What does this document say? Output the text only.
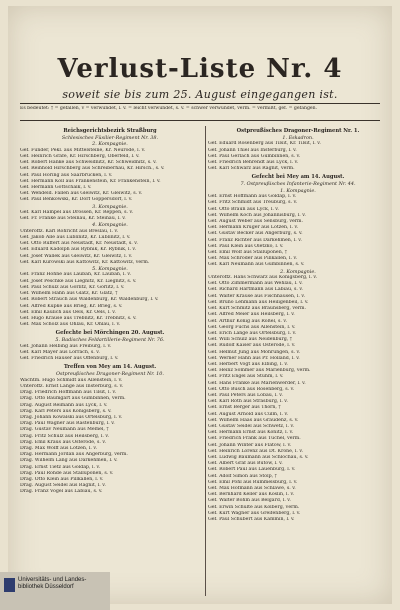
Verlust-Liste Nr. 4
soweit sie bis zum 25. August eingegangen ist.
Es bedeutet: † = gefallen, v = verwundet, l. v. = leicht verwundet, s. v. = schwer verwundet, verm. = vermißt, gef. = gefangen.
Reichsgerichtsbezirk Straßburg
Schlesisches Füsilier-Regiment Nr. 38.
2. Kompagnie.
Gef. Fünder, Pekl. aus Mittelsteine, Kr. Neurode, l. v.
Gef. Heinrich Gräfe, Kr. Hirschberg, Oberfeld, l. v.
Gef. Robert Hanke aus Schweidnitz, Kr. Schweidnitz, s. v.
Gef. Reinhold Hirschberg aus Schreiberhau, Kr. Hirsch., s. v.
Gef. Paul Höring aus Saarbrücken, l. v.
Gef. Hermann Koll aus Frankenstein, Kr. Frankenstein, l. v.
Gef. Hermann Gottschalk, l. v.
Gef. Wendeld. Fallen aus Gleiwitz, Kr. Gleiwitz, s. v.
Gef. Paul Benkowski, Kr. Dorf Göppersdorf, l. v.
3. Kompagnie.
Gef. Karl Hampel aus Drossen, Kr. Reppen, s. v.
Gef. Fr. Franke aus Steinau, Kr. Steinau, l. v.
4. Kompagnie.
Unteroffz. Karl Röhricht aus Breslau, l. v.
Gef. Jakob Alle aus Lublinitz, Kr. Lublinitz, l. v.
Gef. Otto Ruffert aus Neustadt, Kr. Neustadt, s. v.
Gef. Eduard Kadolph aus Rybnik, Kr. Rybnik, l. v.
Gef. Josef Wallek aus Gleiwitz, Kr. Gleiwitz, l. v.
Gef. Karl Kurowski aus Kattowitz, Kr. Kattowitz, verm.
5. Kompagnie.
Gef. Franz Höhne aus Lauban, Kr. Lauban, l. v.
Gef. Josef Peschke aus Liegnitz, Kr. Liegnitz, s. v.
Gef. Paul Schulz aus Görlitz, Kr. Görlitz, l. v.
Gef. Wilhelm Hahn aus Glatz, Kr. Glatz, †
Gef. Robert Strauch aus Waldenburg, Kr. Waldenburg, l. v.
Gef. Alfred Kupke aus Brieg, Kr. Brieg, s. v.
Gef. Emil Kaulich aus Oels, Kr. Oels, l. v.
Gef. Hugo Krause aus Trebnitz, Kr. Trebnitz, s. v.
Gef. Max Scholz aus Ohlau, Kr. Ohlau, l. v.
Gefechte bei Mörchingen 20. August.
5. Badisches Feldartillerie-Regiment Nr. 76.
Gef. Johann Helbing aus Freiburg, l. v.
Gef. Karl Mayer aus Lörrach, s. v.
Gef. Friedrich Hauser aus Offenburg, l. v.
Treffen von Mey am 14. August.
Ostpreußisches Dragoner-Regiment Nr. 10.
Wachtm. Hugo Schmidt aus Allenstein, l. v.
Unteroffz. Ernst Lange aus Insterburg, s. v.
Drag. Friedrich Hoffmann aus Tilsit, l. v.
Drag. Otto Baumgart aus Gumbinnen, verm.
Drag. August Reimann aus Lyck, l. v.
Drag. Karl Peters aus Königsberg, s. v.
Drag. Johann Kowalski aus Ortelsburg, l. v.
Drag. Paul Wagner aus Rastenburg, l. v.
Drag. Gustav Neumann aus Memel, †
Drag. Fritz Schulz aus Heilsberg, l. v.
Drag. Emil Kraus aus Osterode, s. v.
Drag. Max Wolff aus Lötzen, l. v.
Drag. Hermann Jordan aus Angerburg, verm.
Drag. Wilhelm Lang aus Darkehmen, l. v.
Drag. Ernst Tietz aus Goldap, l. v.
Drag. Paul Rohde aus Stallupönen, s. v.
Drag. Otto Klein aus Pillkallen, l. v.
Drag. August Seidel aus Ragnit, l. v.
Drag. Franz Vogel aus Labiau, s. v.
Ostpreußisches Dragoner-Regiment Nr. 1.
1. Eskadron.
Gef. Eduard Rosenberg aus Tilsit, Kr. Tilsit, l. v.
Gef. Johann Thiel aus Insterburg, l. v.
Gef. Paul Gerlach aus Gumbinnen, s. v.
Gef. Friedrich Behrendt aus Lyck, l. v.
Gef. Karl Schwarz aus Ragnit, verm.
Gefecht bei Mey am 14. August.
7. Ostpreußisches Infanterie-Regiment Nr. 44.
1. Kompagnie.
Gef. Ernst Hoffmann aus Goldap, l. v.
Gef. Fritz Schmidt aus Treuburg, s. v.
Gef. Otto Braun aus Lyck, l. v.
Gef. Wilhelm Koch aus Johannisburg, l. v.
Gef. August Weber aus Sensburg, verm.
Gef. Hermann Krüger aus Lötzen, l. v.
Gef. Gustav Becker aus Angerburg, s. v.
Gef. Franz Richter aus Darkehmen, l. v.
Gef. Paul Klein aus Oletzko, l. v.
Gef. Emil Wolf aus Stallupönen, †
Gef. Max Schröder aus Pillkallen, l. v.
Gef. Karl Neumann aus Gumbinnen, s. v.
2. Kompagnie.
Unteroffz. Hans Schwarz aus Königsberg, l. v.
Gef. Otto Zimmermann aus Wehlau, l. v.
Gef. Richard Hartmann aus Labiau, s. v.
Gef. Walter Krause aus Fischhausen, l. v.
Gef. Bruno Lehmann aus Heiligenbeil, l. v.
Gef. Kurt Schmitz aus Braunsberg, verm.
Gef. Alfred Meier aus Heilsberg, l. v.
Gef. Arthur König aus Rößel, s. v.
Gef. Georg Fuchs aus Allenstein, l. v.
Gef. Erich Lange aus Ortelsburg, l. v.
Gef. Willi Schulz aus Neidenburg, †
Gef. Rudolf Kaiser aus Osterode, l. v.
Gef. Helmut Jung aus Mohrungen, s. v.
Gef. Werner Hahn aus Pr. Holland, l. v.
Gef. Herbert Vogt aus Elbing, l. v.
Gef. Heinz Sommer aus Marienburg, verm.
Gef. Fritz Engel aus Stuhm, l. v.
Gef. Hans Franke aus Marienwerder, l. v.
Gef. Otto Busch aus Rosenberg, s. v.
Gef. Paul Peters aus Löbau, l. v.
Gef. Karl Roth aus Strasburg, l. v.
Gef. Ernst Berger aus Thorn, †
Gef. August Arnold aus Culm, l. v.
Gef. Wilhelm Haas aus Graudenz, s. v.
Gef. Gustav Seidel aus Schwetz, l. v.
Gef. Hermann Ernst aus Konitz, l. v.
Gef. Friedrich Frank aus Tuchel, verm.
Gef. Johann Winter aus Flatow, l. v.
Gef. Heinrich Lorenz aus Dt. Krone, l. v.
Gef. Ludwig Baumann aus Schlochau, s. v.
Gef. Albert Graf aus Bütow, l. v.
Gef. Robert Paul aus Lauenburg, l. v.
Gef. Adolf Simon aus Stolp, †
Gef. Emil Pohl aus Rummelsburg, l. v.
Gef. Max Hofmann aus Schlawe, s. v.
Gef. Bernhard Keller aus Köslin, l. v.
Gef. Walter Böhm aus Belgard, l. v.
Gef. Erwin Schulte aus Kolberg, verm.
Gef. Kurt Wagner aus Greifenberg, l. v.
Gef. Paul Schubert aus Kammin, l. v.
Universitäts- und Landes-
bibliothek Düsseldorf
